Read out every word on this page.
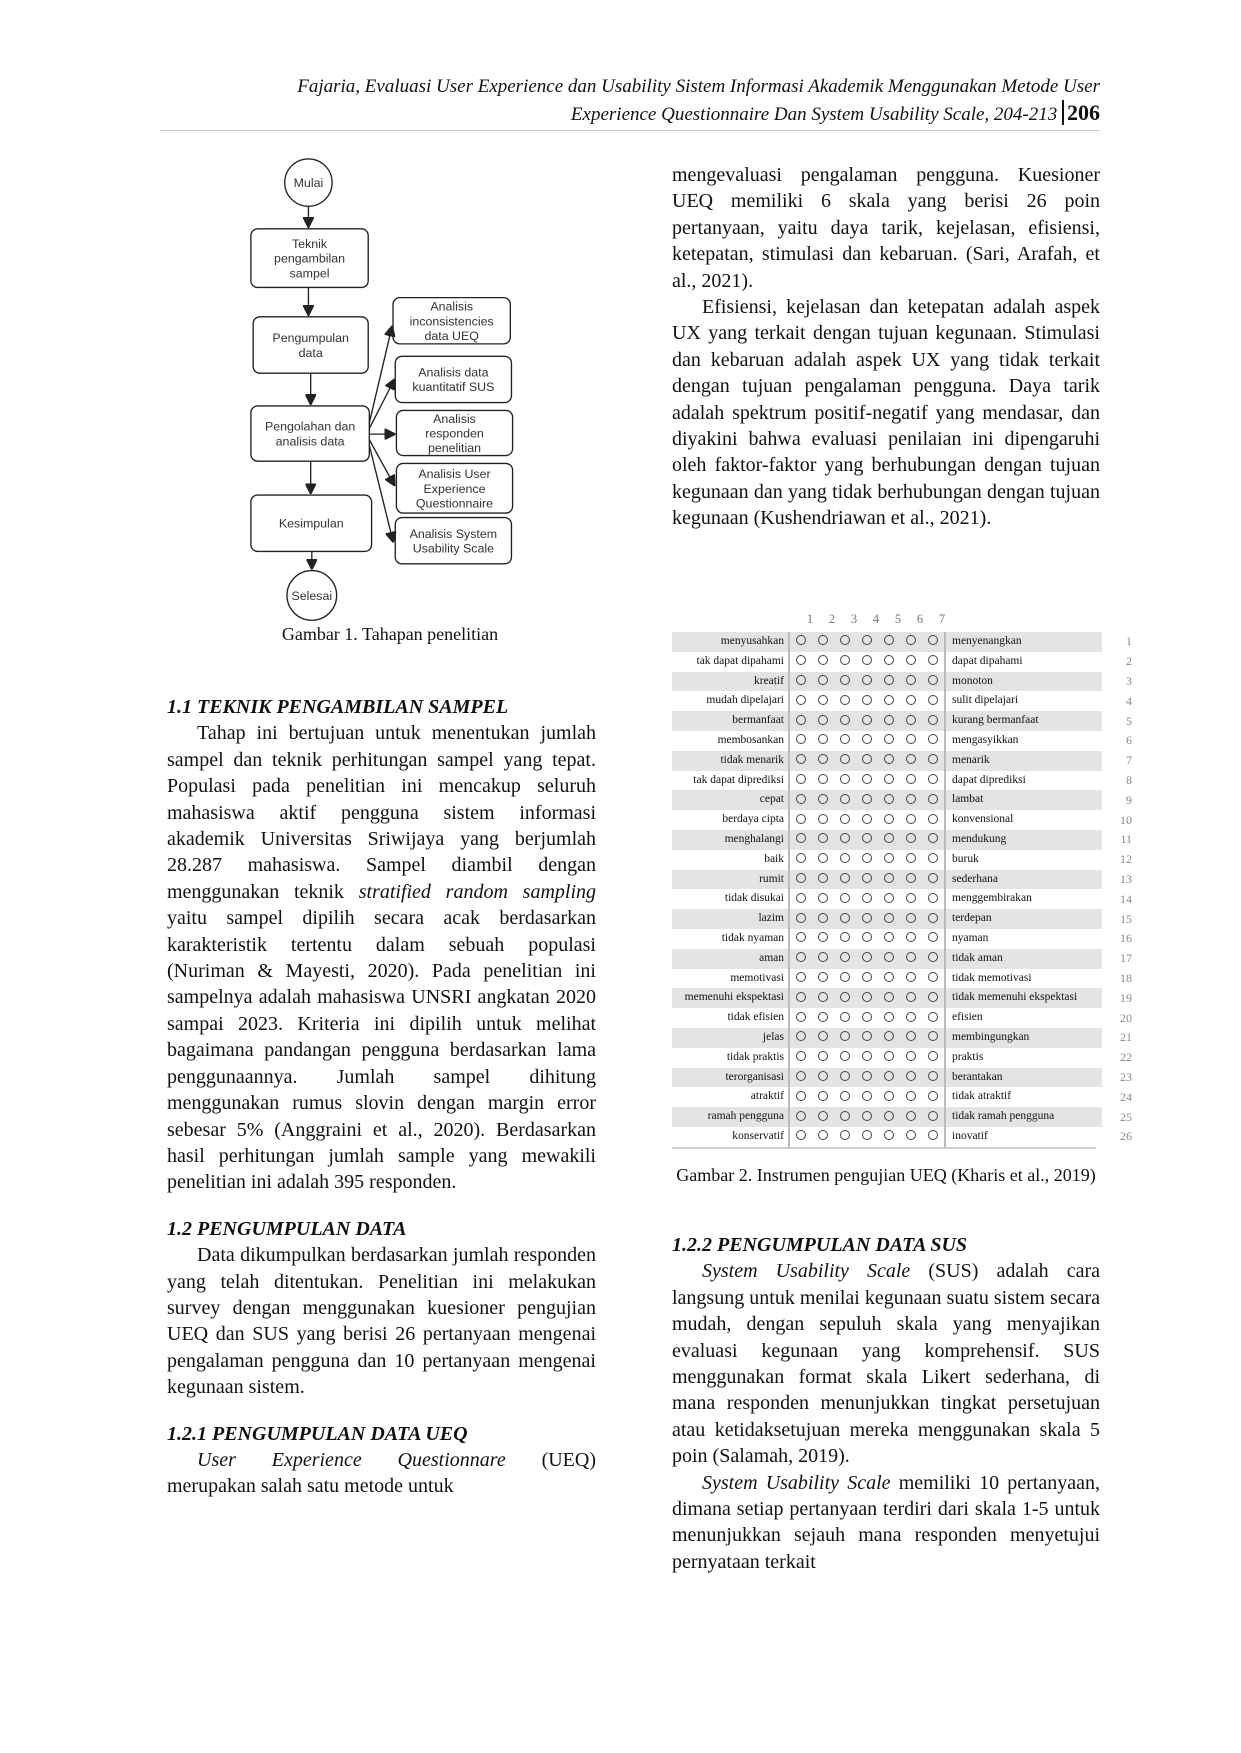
Fajaria, Evaluasi User Experience dan Usability Sistem Informasi Akademik Menggunakan Metode User
Experience Questionnaire Dan System Usability Scale, 204-213 206
Mulai
Teknik
pengambilan
sampel
Pengumpulan
data
Pengolahan dan
analisis data
Kesimpulan
Selesai
Analisis
inconsistencies
data UEQ
Analisis data
kuantitatif SUS
Analisis
responden
penelitian
Analisis User
Experience
Questionnaire
Analisis System
Usability Scale
Gambar 1. Tahapan penelitian
1.1 TEKNIK PENGAMBILAN SAMPEL

Tahap ini bertujuan untuk menentukan jumlah sampel dan teknik perhitungan sampel yang tepat. Populasi pada penelitian ini mencakup seluruh mahasiswa aktif pengguna sistem informasi akademik Universitas Sriwijaya yang berjumlah 28.287 mahasiswa. Sampel diambil dengan menggunakan teknik stratified random sampling yaitu sampel dipilih secara acak berdasarkan karakteristik tertentu dalam sebuah populasi (Nuriman & Mayesti, 2020). Pada penelitian ini sampelnya adalah mahasiswa UNSRI angkatan 2020 sampai 2023. Kriteria ini dipilih untuk melihat bagaimana pandangan pengguna berdasarkan lama penggunaannya. Jumlah sampel dihitung menggunakan rumus slovin dengan margin error sebesar 5% (Anggraini et al., 2020). Berdasarkan hasil perhitungan jumlah sample yang mewakili penelitian ini adalah 395 responden.

1.2 PENGUMPULAN DATA

Data dikumpulkan berdasarkan jumlah responden yang telah ditentukan. Penelitian ini melakukan survey dengan menggunakan kuesioner pengujian UEQ dan SUS yang berisi 26 pertanyaan mengenai pengalaman pengguna dan 10 pertanyaan mengenai kegunaan sistem.

1.2.1 PENGUMPULAN DATA UEQ

User Experience Questionnare (UEQ) merupakan salah satu metode untuk

mengevaluasi pengalaman pengguna. Kuesioner UEQ memiliki 6 skala yang berisi 26 poin pertanyaan, yaitu daya tarik, kejelasan, efisiensi, ketepatan, stimulasi dan kebaruan. (Sari, Arafah, et al., 2021).

Efisiensi, kejelasan dan ketepatan adalah aspek UX yang terkait dengan tujuan kegunaan. Stimulasi dan kebaruan adalah aspek UX yang tidak terkait dengan tujuan pengalaman pengguna. Daya tarik adalah spektrum positif-negatif yang mendasar, dan diyakini bahwa evaluasi penilaian ini dipengaruhi oleh faktor-faktor yang berhubungan dengan tujuan kegunaan dan yang tidak berhubungan dengan tujuan kegunaan (Kushendriawan et al., 2021).

1	2	3	4	5	6	7
menyusahkan	menyenangkan	1
tak dapat dipahami	dapat dipahami	2
kreatif	monoton	3
mudah dipelajari	sulit dipelajari	4
bermanfaat	kurang bermanfaat	5
membosankan	mengasyikkan	6
tidak menarik	menarik	7
tak dapat diprediksi	dapat diprediksi	8
cepat	lambat	9
berdaya cipta	konvensional	10
menghalangi	mendukung	11
baik	buruk	12
rumit	sederhana	13
tidak disukai	menggembirakan	14
lazim	terdepan	15
tidak nyaman	nyaman	16
aman	tidak aman	17
memotivasi	tidak memotivasi	18
memenuhi ekspektasi	tidak memenuhi ekspektasi	19
tidak efisien	efisien	20
jelas	membingungkan	21
tidak praktis	praktis	22
terorganisasi	berantakan	23
atraktif	tidak atraktif	24
ramah pengguna	tidak ramah pengguna	25
konservatif	inovatif	26
Gambar 2. Instrumen pengujian UEQ (Kharis et al., 2019)
1.2.2 PENGUMPULAN DATA SUS

System Usability Scale (SUS) adalah cara langsung untuk menilai kegunaan suatu sistem secara mudah, dengan sepuluh skala yang menyajikan evaluasi kegunaan yang komprehensif. SUS menggunakan format skala Likert sederhana, di mana responden menunjukkan tingkat persetujuan atau ketidaksetujuan mereka menggunakan skala 5 poin (Salamah, 2019).

System Usability Scale memiliki 10 pertanyaan, dimana setiap pertanyaan terdiri dari skala 1-5 untuk menunjukkan sejauh mana responden menyetujui pernyataan terkait
